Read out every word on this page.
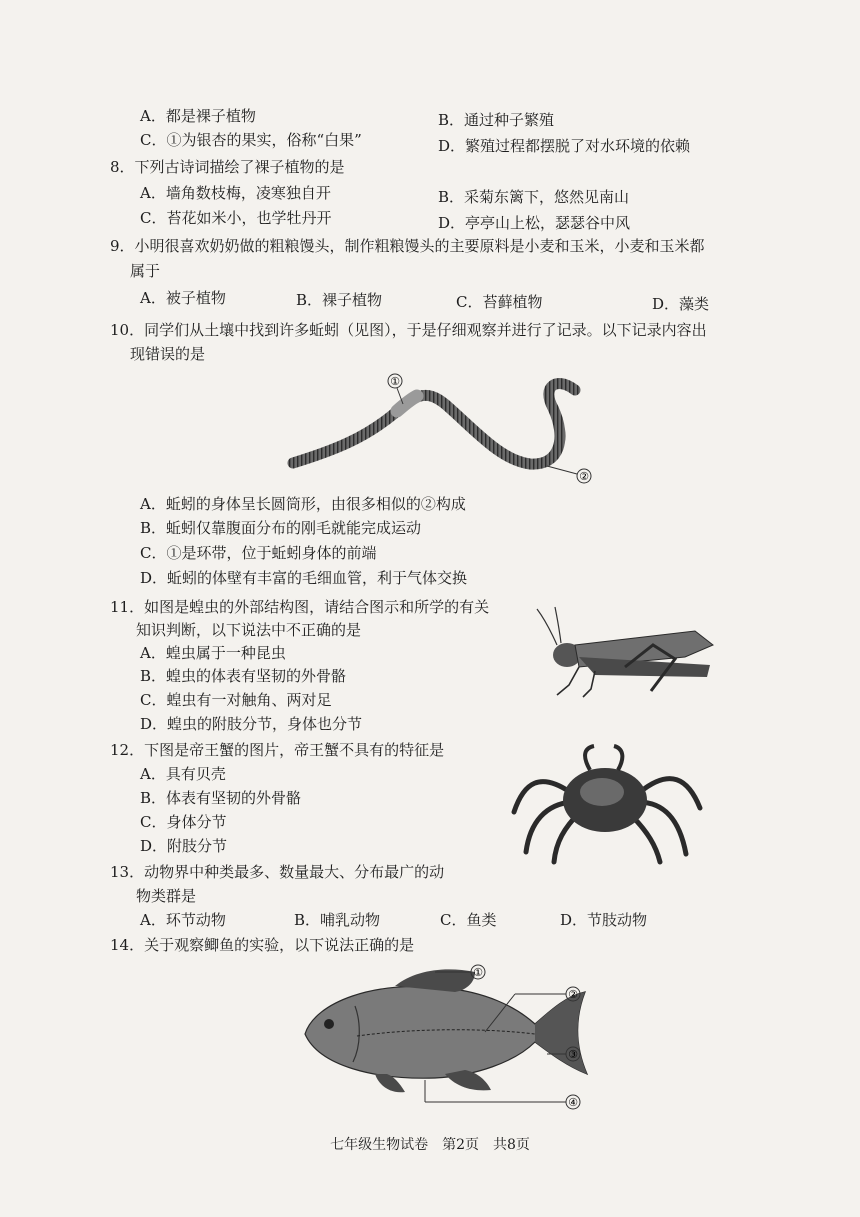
A．都是裸子植物	B．通过种子繁殖
C．①为银杏的果实，俗称“白果”	D．繁殖过程都摆脱了对水环境的依赖
8．下列古诗词描绘了裸子植物的是
A．墙角数枝梅，凌寒独自开	B．采菊东篱下，悠然见南山
C．苔花如米小，也学牡丹开	D．亭亭山上松，瑟瑟谷中风
9．小明很喜欢奶奶做的粗粮馒头，制作粗粮馒头的主要原料是小麦和玉米，小麦和玉米都
属于
A．被子植物	B．裸子植物	C．苔藓植物	D．藻类
10．同学们从土壤中找到许多蚯蚓（见图），于是仔细观察并进行了记录。以下记录内容出
现错误的是
①
②
A．蚯蚓的身体呈长圆筒形，由很多相似的②构成
B．蚯蚓仅靠腹面分布的刚毛就能完成运动
C．①是环带，位于蚯蚓身体的前端
D．蚯蚓的体壁有丰富的毛细血管，利于气体交换
11．如图是蝗虫的外部结构图，请结合图示和所学的有关
知识判断，以下说法中不正确的是
A．蝗虫属于一种昆虫
B．蝗虫的体表有坚韧的外骨骼
C．蝗虫有一对触角、两对足
D．蝗虫的附肢分节，身体也分节
12．下图是帝王蟹的图片，帝王蟹不具有的特征是
A．具有贝壳
B．体表有坚韧的外骨骼
C．身体分节
D．附肢分节
13．动物界中种类最多、数量最大、分布最广的动
物类群是
A．环节动物	B．哺乳动物	C．鱼类	D．节肢动物
14．关于观察鲫鱼的实验，以下说法正确的是
①
②
③
④
七年级生物试卷　第2页　共8页
